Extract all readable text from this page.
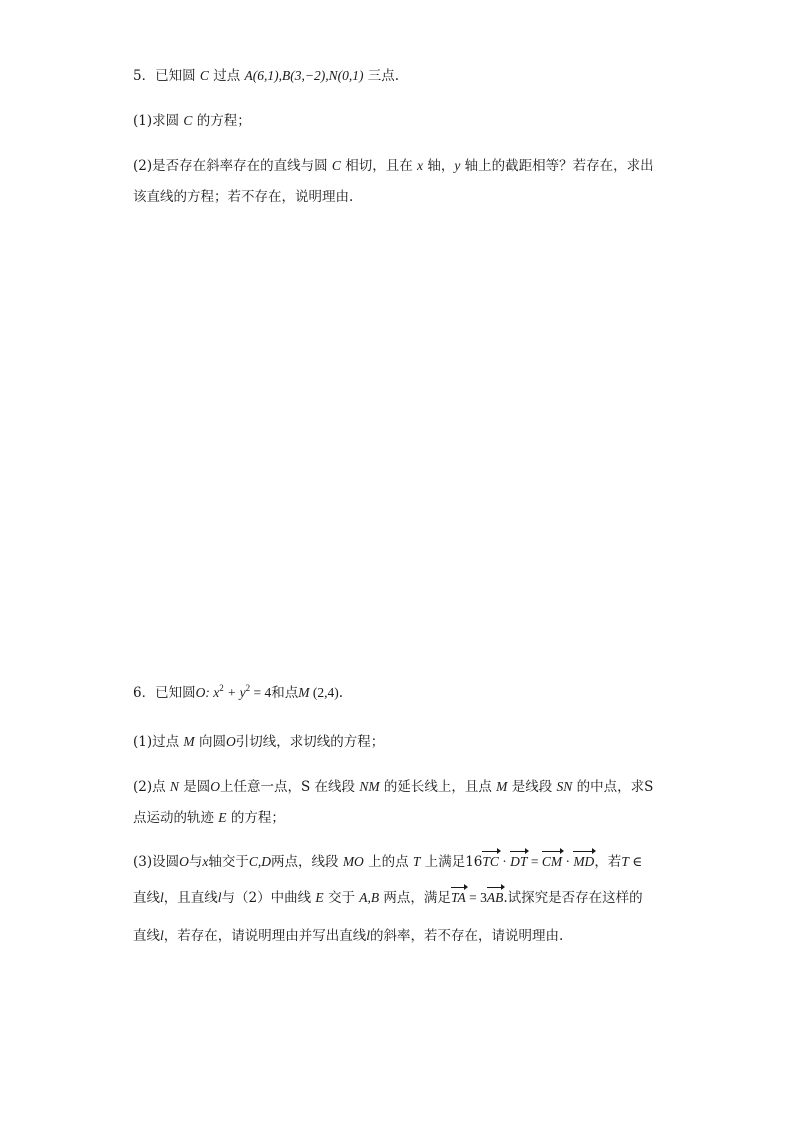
5．已知圆 C 过点 A(6,1),B(3,−2),N(0,1) 三点.
(1)求圆 C 的方程；
(2)是否存在斜率存在的直线与圆 C 相切，且在 x 轴，y 轴上的截距相等？若存在，求出
该直线的方程；若不存在，说明理由.
6．已知圆O: $x^2 + y^2 = 4$和点M (2,4).
(1)过点 M 向圆O引切线，求切线的方程；
(2)点 N 是圆O上任意一点，S 在线段 NM 的延长线上，且点 M 是线段 SN 的中点，求S
点运动的轨迹 E 的方程；
(3)设圆O与x轴交于C,D两点，线段 MO 上的点 T 上满足16TC · DT = CM · MD，若T ∈
直线l，且直线l与（2）中曲线 E 交于 A,B 两点，满足TA = 3AB.试探究是否存在这样的
直线l，若存在，请说明理由并写出直线l的斜率，若不存在，请说明理由.
